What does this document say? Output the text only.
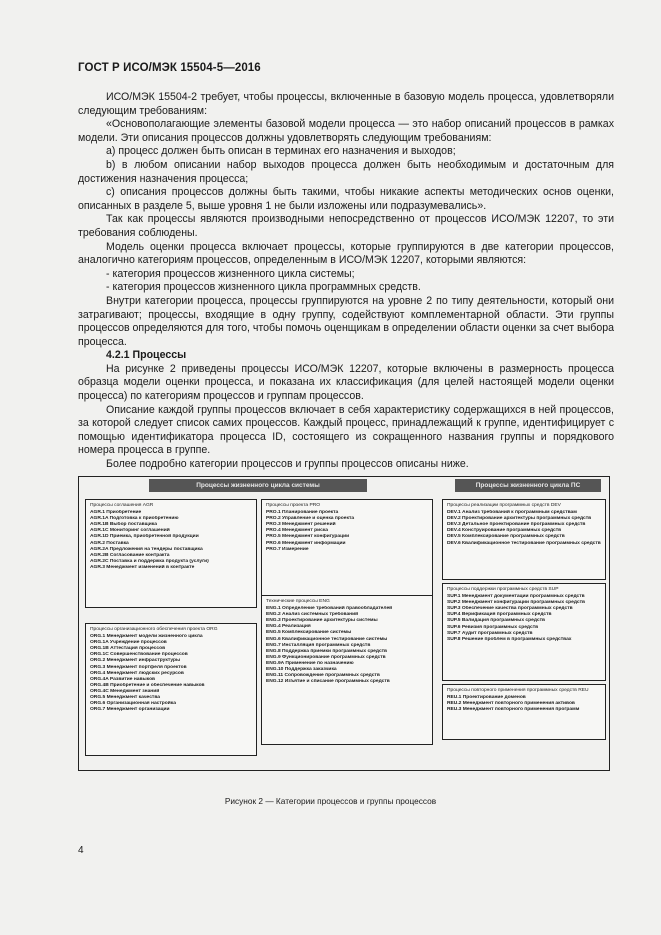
ГОСТ Р ИСО/МЭК 15504-5—2016

ИСО/МЭК 15504-2 требует, чтобы процессы, включенные в базовую модель процесса, удовлетворяли следующим требованиям:

«Основополагающие элементы базовой модели процесса — это набор описаний процессов в рамках модели. Эти описания процессов должны удовлетворять следующим требованиям:

a) процесс должен быть описан в терминах его назначения и выходов;

b) в любом описании набор выходов процесса должен быть необходимым и достаточным для достижения назначения процесса;

c) описания процессов должны быть такими, чтобы никакие аспекты методических основ оценки, описанных в разделе 5, выше уровня 1 не были изложены или подразумевались».

Так как процессы являются производными непосредственно от процессов ИСО/МЭК 12207, то эти требования соблюдены.

Модель оценки процесса включает процессы, которые группируются в две категории процессов, аналогично категориям процессов, определенным в ИСО/МЭК 12207, которыми являются:

- категория процессов жизненного цикла системы;

- категория процессов жизненного цикла программных средств.

Внутри категории процесса, процессы группируются на уровне 2 по типу деятельности, который они затрагивают; процессы, входящие в одну группу, содействуют комплементарной области. Эти группы процессов определяются для того, чтобы помочь оценщикам в определении области оценки за счет выбора процесса.

4.2.1 Процессы

На рисунке 2 приведены процессы ИСО/МЭК 12207, которые включены в размерность процесса образца модели оценки процесса, и показана их классификация (для целей настоящей модели оценки процесса) по категориям процессов и группам процессов.

Описание каждой группы процессов включает в себя характеристику содержащихся в ней процессов, за которой следует список самих процессов. Каждый процесс, принадлежащий к группе, идентифицирует с помощью идентификатора процесса ID, состоящего из сокращенного названия группы и порядкового номера процесса в группе.

Более подробно категории процессов и группы процессов описаны ниже.

Процессы жизненного цикла системы	Процессы жизненного цикла ПС
Процессы соглашения AGR
AGR.1 Приобретение
AGR.1A Подготовка к приобретению
AGR.1B Выбор поставщика
AGR.1C Мониторинг соглашений
AGR.1D Приемка, приобретенной продукции
AGR.2 Поставка
AGR.2A Предложения на тендеры поставщика
AGR.2B Согласование контракта
AGR.2C Поставка и поддержка продукта (услуги)
AGR.3 Менеджмент изменений в контракте
Процессы проекта PRO
PRO.1 Планирование проекта
PRO.2 Управление и оценка проекта
PRO.3 Менеджмент решений
PRO.4 Менеджмент риска
PRO.5 Менеджмент конфигурации
PRO.6 Менеджмент информации
PRO.7 Измерение
Процессы организационного обеспечения проекта ORG
ORG.1 Менеджмент модели жизненного цикла
ORG.1A Учреждение процессов
ORG.1B Аттестация процессов
ORG.1C Совершенствование процессов
ORG.2 Менеджмент инфраструктуры
ORG.3 Менеджмент портфеля проектов
ORG.4 Менеджмент людских ресурсов
ORG.4A Развитие навыков
ORG.4B Приобретение и обеспечение навыков
ORG.4C Менеджмент знаний
ORG.5 Менеджмент качества
ORG.6 Организационная настройка
ORG.7 Менеджмент организации
Технические процессы ENG
ENG.1 Определение требований правообладателей
ENG.2 Анализ системных требований
ENG.3 Проектирование архитектуры системы
ENG.4 Реализация
ENG.5 Комплексирование системы
ENG.6 Квалификационное тестирование системы
ENG.7 Инсталляция программных средств
ENG.8 Поддержка приемки программных средств
ENG.9 Функционирование программных средств
ENG.9A Применение по назначению
ENG.10 Поддержка заказчика
ENG.11 Сопровождение программных средств
ENG.12 Изъятие и списание программных средств
Процессы реализации программных средств DEV
DEV.1 Анализ требований к программным средствам
DEV.2 Проектирование архитектуры программных средств
DEV.3 Детальное проектирование программных средств
DEV.4 Конструирование программных средств
DEV.5 Комплексирование программных средств
DEV.6 Квалификационное тестирование программных средств
Процессы поддержки программных средств SUP
SUP.1 Менеджмент документации программных средств
SUP.2 Менеджмент конфигурации программных средств
SUP.3 Обеспечение качества программных средств
SUP.4 Верификация программных средств
SUP.5 Валидация программных средств
SUP.6 Ревизия программных средств
SUP.7 Аудит программных средств
SUP.8 Решение проблем в программных средствах
Процессы повторного применения программных средств REU
REU.1 Проектирование доменов
REU.2 Менеджмент повторного применения активов
REU.3 Менеджмент повторного применения программ
Рисунок 2 — Категории процессов и группы процессов
4
